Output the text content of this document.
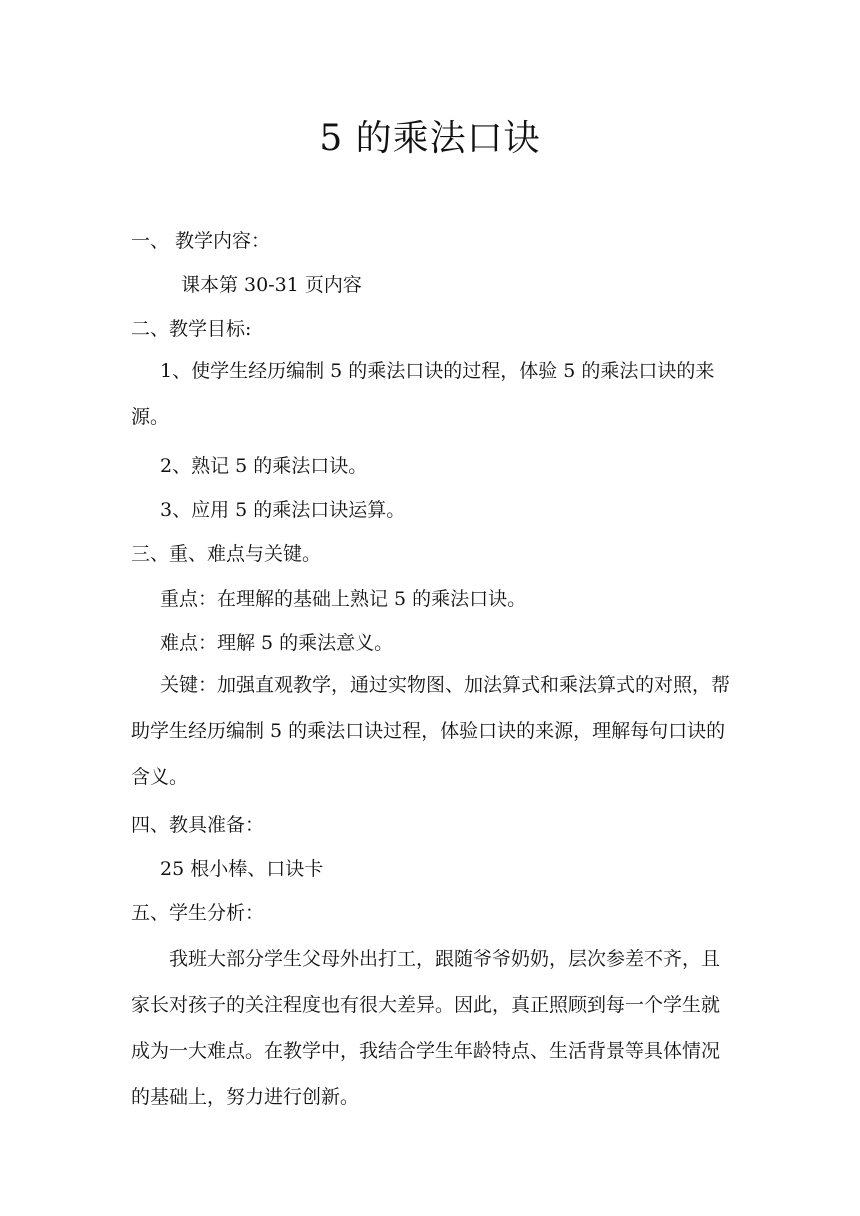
5 的乘法口诀
一、 教学内容：
课本第 30-31 页内容
二、教学目标:
1、使学生经历编制 5 的乘法口诀的过程，体验 5 的乘法口诀的来源。
2、熟记 5 的乘法口诀。
3、应用 5 的乘法口诀运算。
三、重、难点与关键。
重点：在理解的基础上熟记 5 的乘法口诀。
难点：理解 5 的乘法意义。
关键：加强直观教学，通过实物图、加法算式和乘法算式的对照，帮助学生经历编制 5 的乘法口诀过程，体验口诀的来源，理解每句口诀的含义。
四、教具准备：
25 根小棒、口诀卡
五、学生分析：
我班大部分学生父母外出打工，跟随爷爷奶奶，层次参差不齐，且家长对孩子的关注程度也有很大差异。因此，真正照顾到每一个学生就成为一大难点。在教学中，我结合学生年龄特点、生活背景等具体情况的基础上，努力进行创新。
